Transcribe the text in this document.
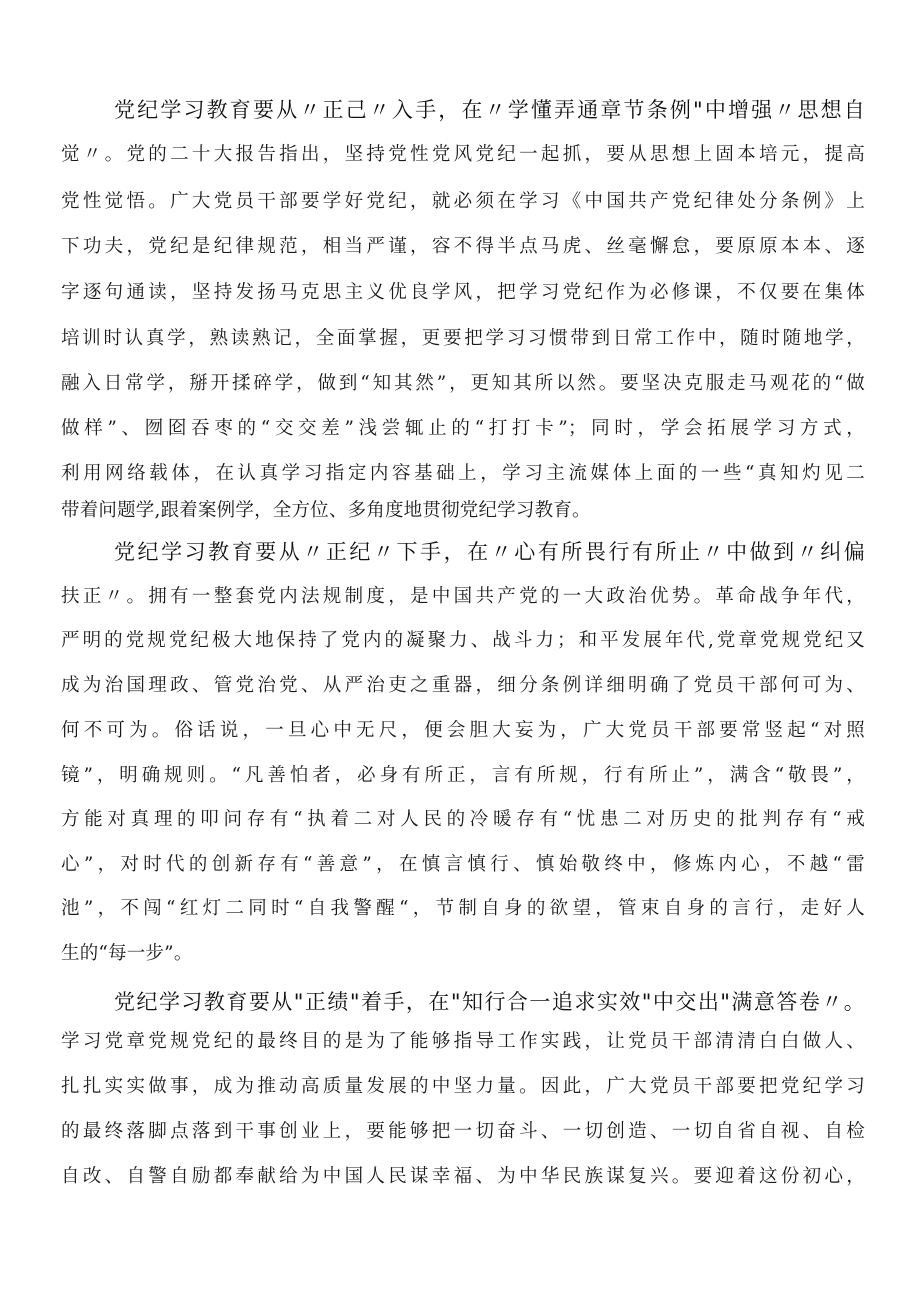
党纪学习教育要从〃正己〃入手，在〃学懂弄通章节条例"中增强〃思想自
觉〃。党的二十大报告指出，坚持党性党风党纪一起抓，要从思想上固本培元，提高
党性觉悟。广大党员干部要学好党纪，就必须在学习《中国共产党纪律处分条例》上
下功夫，党纪是纪律规范，相当严谨，容不得半点马虎、丝毫懈怠，要原原本本、逐
字逐句通读，坚持发扬马克思主义优良学风，把学习党纪作为必修课，不仅要在集体
培训时认真学，熟读熟记，全面掌握，更要把学习习惯带到日常工作中，随时随地学，
融入日常学，掰开揉碎学，做到“知其然”，更知其所以然。要坚决克服走马观花的“做
做样”、囫囵吞枣的“交交差”浅尝辄止的“打打卡”；同时，学会拓展学习方式，
利用网络载体，在认真学习指定内容基础上，学习主流媒体上面的一些“真知灼见二
带着问题学,跟着案例学，全方位、多角度地贯彻党纪学习教育。
党纪学习教育要从〃正纪〃下手，在〃心有所畏行有所止〃中做到〃纠偏
扶正〃。拥有一整套党内法规制度，是中国共产党的一大政治优势。革命战争年代，
严明的党规党纪极大地保持了党内的凝聚力、战斗力；和平发展年代,党章党规党纪又
成为治国理政、管党治党、从严治吏之重器，细分条例详细明确了党员干部何可为、
何不可为。俗话说，一旦心中无尺，便会胆大妄为，广大党员干部要常竖起“对照
镜”，明确规则。“凡善怕者，必身有所正，言有所规，行有所止”，满含“敬畏”，
方能对真理的叩问存有“执着二对人民的冷暖存有“忧患二对历史的批判存有“戒
心”，对时代的创新存有“善意”，在慎言慎行、慎始敬终中，修炼内心，不越“雷
池”，不闯“红灯二同时“自我警醒“，节制自身的欲望，管束自身的言行，走好人
生的“每一步”。
党纪学习教育要从"正绩"着手，在"知行合一追求实效"中交出"满意答卷〃。
学习党章党规党纪的最终目的是为了能够指导工作实践，让党员干部清清白白做人、
扎扎实实做事，成为推动高质量发展的中坚力量。因此，广大党员干部要把党纪学习
的最终落脚点落到干事创业上，要能够把一切奋斗、一切创造、一切自省自视、自检
自改、自警自励都奉献给为中国人民谋幸福、为中华民族谋复兴。要迎着这份初心，
